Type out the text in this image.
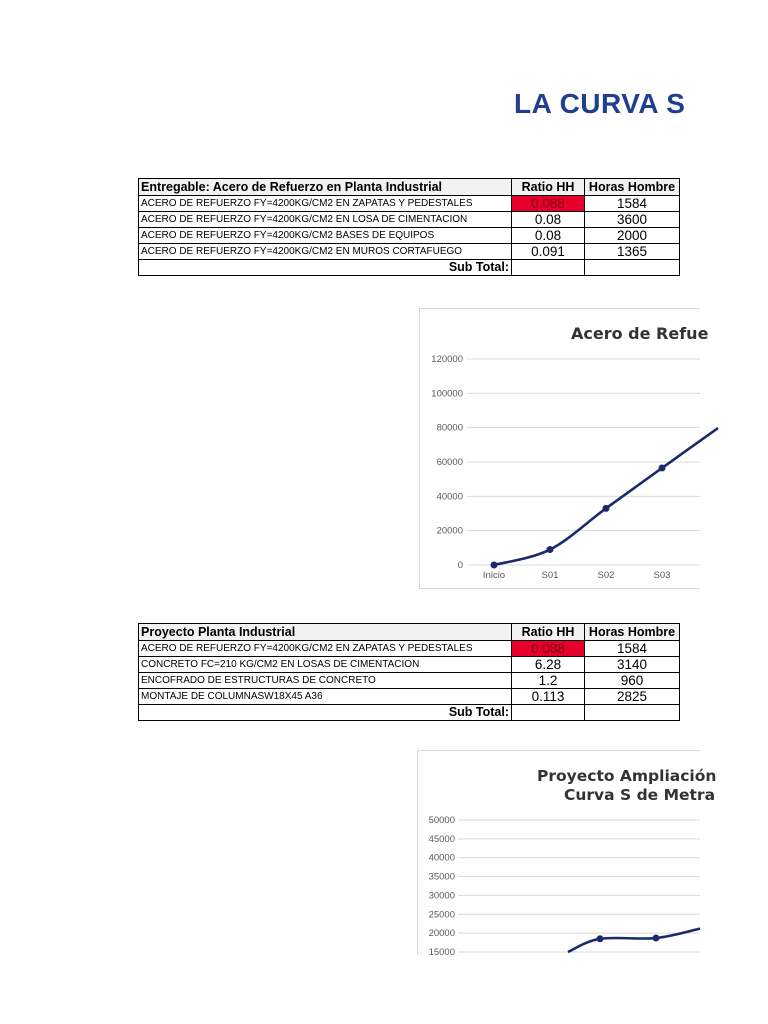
LA CURVA S
Entregable: Acero de Refuerzo en Planta Industrial	Ratio HH	Horas Hombre
ACERO DE REFUERZO FY=4200KG/CM2 EN ZAPATAS Y PEDESTALES	0.088	1584
ACERO DE REFUERZO FY=4200KG/CM2 EN LOSA DE CIMENTACION	0.08	3600
ACERO DE REFUERZO FY=4200KG/CM2 BASES DE EQUIPOS	0.08	2000
ACERO DE REFUERZO FY=4200KG/CM2 EN MUROS CORTAFUEGO	0.091	1365
Sub Total:		
Acero de Refue
0
20000
40000
60000
80000
100000
120000
Inicio	S01	S02	S03
Proyecto Planta Industrial	Ratio HH	Horas Hombre
ACERO DE REFUERZO FY=4200KG/CM2 EN ZAPATAS Y PEDESTALES	0.088	1584
CONCRETO FC=210 KG/CM2 EN LOSAS DE CIMENTACION	6.28	3140
ENCOFRADO DE ESTRUCTURAS DE CONCRETO	1.2	960
MONTAJE DE COLUMNASW18X45 A36	0.113	2825
Sub Total:		
Proyecto Ampliación
Curva S de Metra
15000
20000
25000
30000
35000
40000
45000
50000
